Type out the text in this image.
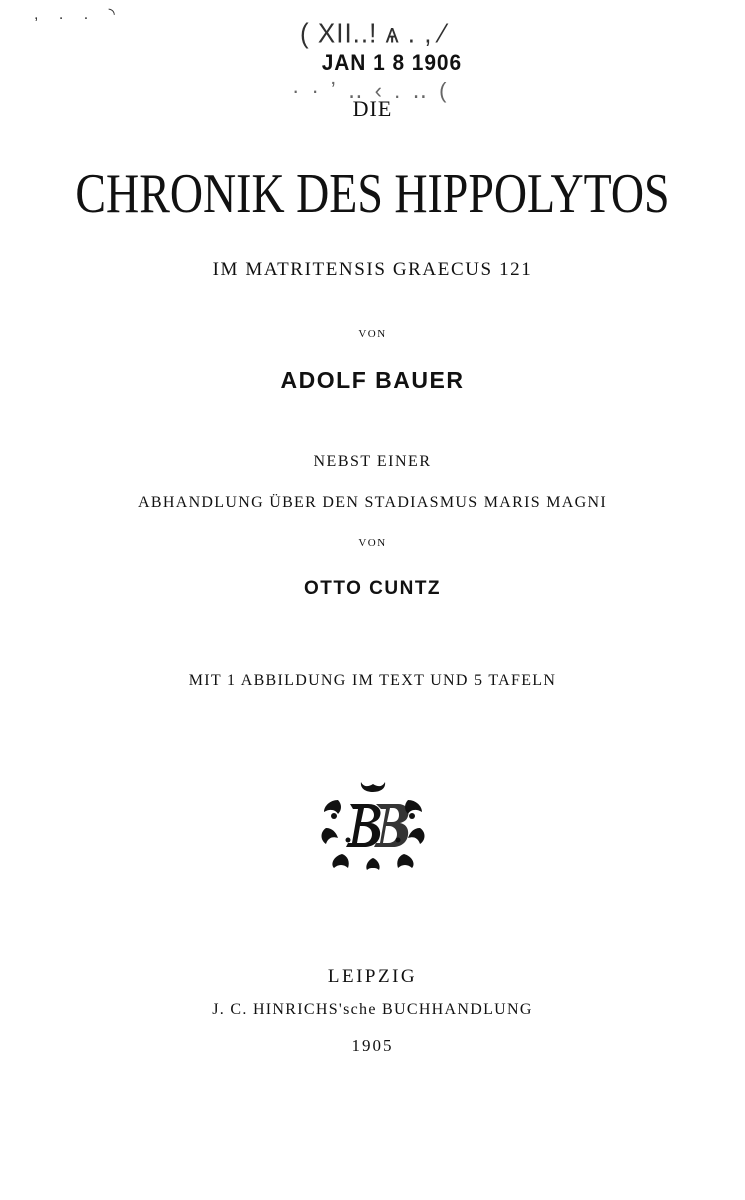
, . . ◝
( XII..! ѧ . , ⁄
JAN 1 8 1906
· · ʼ ‥ ‹ . ‥ (
DIE
CHRONIK DES HIPPOLYTOS
IM MATRITENSIS GRAECUS 121
VON
ADOLF BAUER
NEBST EINER
ABHANDLUNG ÜBER DEN STADIASMUS MARIS MAGNI
VON
OTTO CUNTZ
MIT 1 ABBILDUNG IM TEXT UND 5 TAFELN
LEIPZIG
J. C. HINRICHS'sche BUCHHANDLUNG
1905
